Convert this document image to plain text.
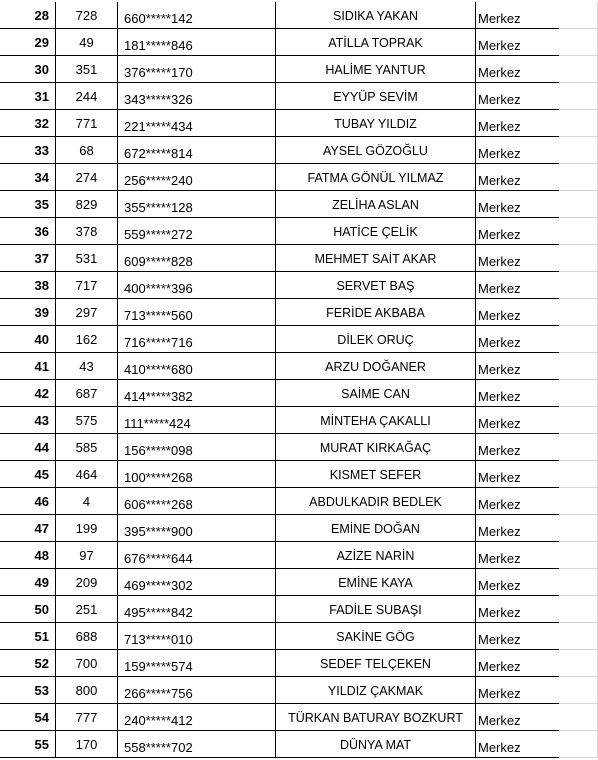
28	728	660*****142	SIDIKA YAKAN	Merkez
29	49	181*****846	ATİLLA TOPRAK	Merkez
30	351	376*****170	HALİME YANTUR	Merkez
31	244	343*****326	EYYÜP SEVİM	Merkez
32	771	221*****434	TUBAY YILDIZ	Merkez
33	68	672*****814	AYSEL GÖZOĞLU	Merkez
34	274	256*****240	FATMA GÖNÜL YILMAZ	Merkez
35	829	355*****128	ZELİHA ASLAN	Merkez
36	378	559*****272	HATİCE ÇELİK	Merkez
37	531	609*****828	MEHMET SAİT AKAR	Merkez
38	717	400*****396	SERVET BAŞ	Merkez
39	297	713*****560	FERİDE AKBABA	Merkez
40	162	716*****716	DİLEK ORUÇ	Merkez
41	43	410*****680	ARZU DOĞANER	Merkez
42	687	414*****382	SAİME CAN	Merkez
43	575	111*****424	MİNTEHA ÇAKALLI	Merkez
44	585	156*****098	MURAT KIRKAĞAÇ	Merkez
45	464	100*****268	KISMET SEFER	Merkez
46	4	606*****268	ABDULKADIR BEDLEK	Merkez
47	199	395*****900	EMİNE DOĞAN	Merkez
48	97	676*****644	AZİZE NARİN	Merkez
49	209	469*****302	EMİNE KAYA	Merkez
50	251	495*****842	FADİLE SUBAŞI	Merkez
51	688	713*****010	SAKİNE GÖG	Merkez
52	700	159*****574	SEDEF TELÇEKEN	Merkez
53	800	266*****756	YILDIZ ÇAKMAK	Merkez
54	777	240*****412	TÜRKAN BATURAY BOZKURT	Merkez
55	170	558*****702	DÜNYA MAT	Merkez
